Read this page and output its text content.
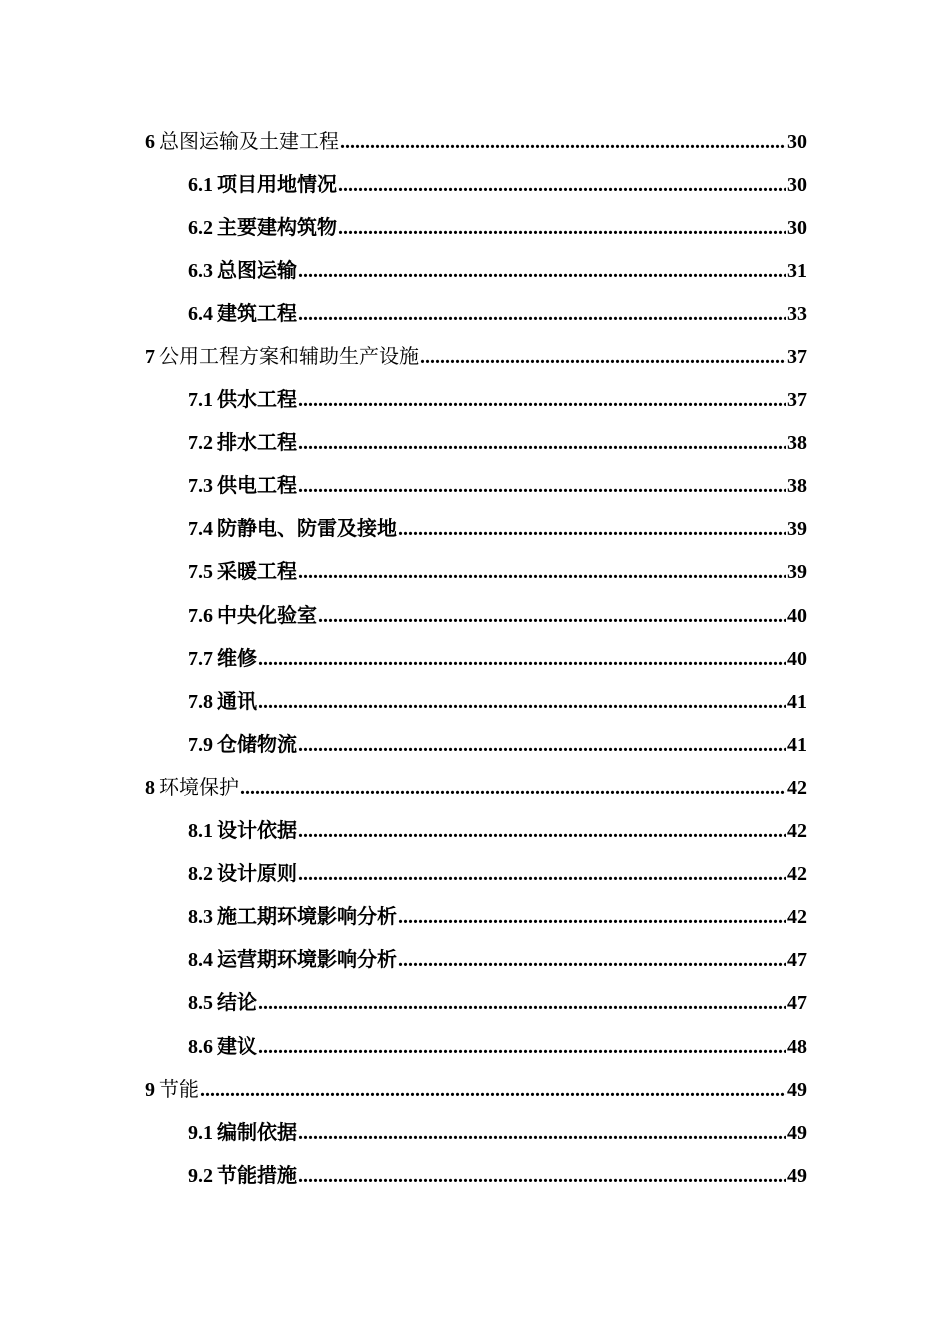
6 总图运输及土建工程 .....	30
6.1 项目用地情况 .....	30
6.2 主要建构筑物 .....	30
6.3 总图运输 .....	31
6.4 建筑工程 .....	33
7 公用工程方案和辅助生产设施 .....	37
7.1 供水工程 .....	37
7.2 排水工程 .....	38
7.3 供电工程 .....	38
7.4 防静电、防雷及接地 .....	39
7.5 采暖工程 .....	39
7.6 中央化验室 .....	40
7.7 维修 .....	40
7.8 通讯 .....	41
7.9 仓储物流 .....	41
8 环境保护 .....	42
8.1 设计依据 .....	42
8.2 设计原则 .....	42
8.3 施工期环境影响分析 .....	42
8.4 运营期环境影响分析 .....	47
8.5 结论 .....	47
8.6 建议 .....	48
9 节能 .....	49
9.1 编制依据 .....	49
9.2 节能措施 .....	49
